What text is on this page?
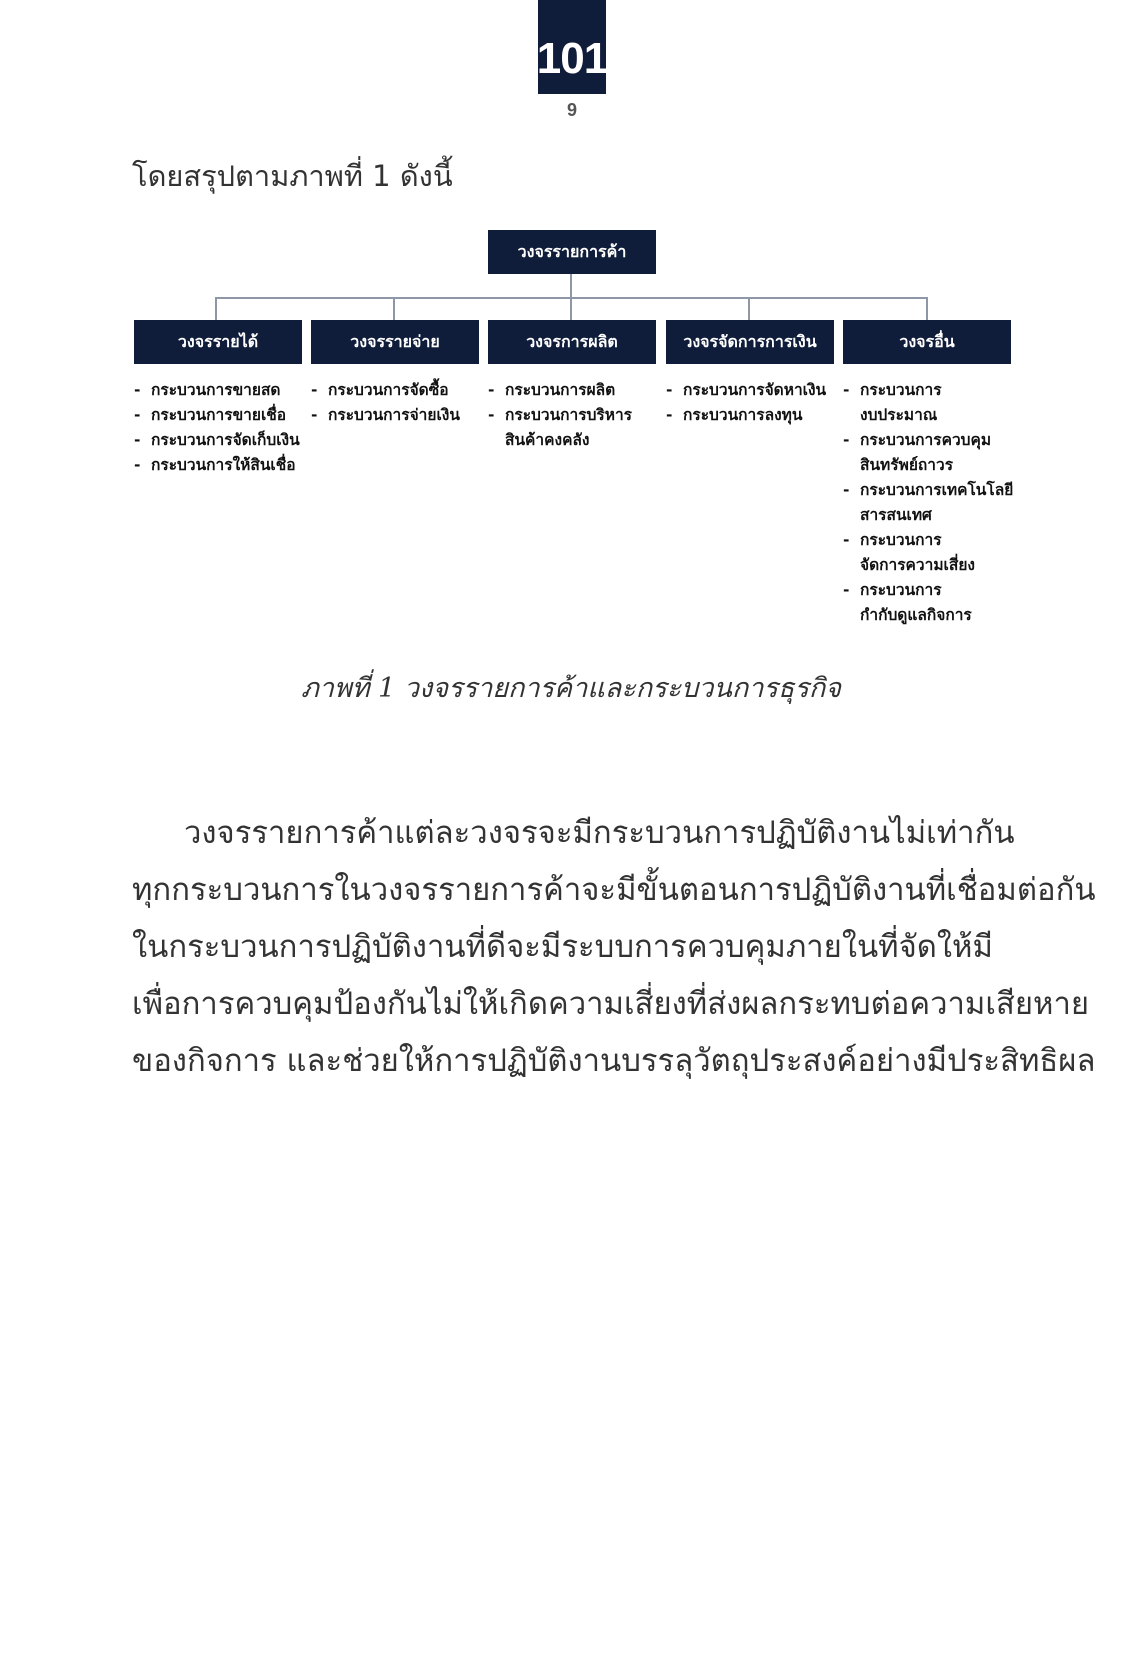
101
9
โดยสรุปตามภาพที่ 1 ดังนี้
วงจรรายการค้า
วงจรรายได้	วงจรรายจ่าย	วงจรการผลิต	วงจรจัดการการเงิน	วงจรอื่น
- กระบวนการขายสด
- กระบวนการขายเชื่อ
- กระบวนการจัดเก็บเงิน
- กระบวนการให้สินเชื่อ
- กระบวนการจัดซื้อ
- กระบวนการจ่ายเงิน
- กระบวนการผลิต
- กระบวนการบริหาร
สินค้าคงคลัง
- กระบวนการจัดหาเงิน
- กระบวนการลงทุน
- กระบวนการ
งบประมาณ
- กระบวนการควบคุม
สินทรัพย์ถาวร
- กระบวนการเทคโนโลยี
สารสนเทศ
- กระบวนการ
จัดการความเสี่ยง
- กระบวนการ
กำกับดูแลกิจการ
ภาพที่ 1 วงจรรายการค้าและกระบวนการธุรกิจ
วงจรรายการค้าแต่ละวงจรจะมีกระบวนการปฏิบัติงานไม่เท่ากัน
ทุกกระบวนการในวงจรรายการค้าจะมีขั้นตอนการปฏิบัติงานที่เชื่อมต่อกัน
ในกระบวนการปฏิบัติงานที่ดีจะมีระบบการควบคุมภายในที่จัดให้มี
เพื่อการควบคุมป้องกันไม่ให้เกิดความเสี่ยงที่ส่งผลกระทบต่อความเสียหาย
ของกิจการ และช่วยให้การปฏิบัติงานบรรลุวัตถุประสงค์อย่างมีประสิทธิผล
